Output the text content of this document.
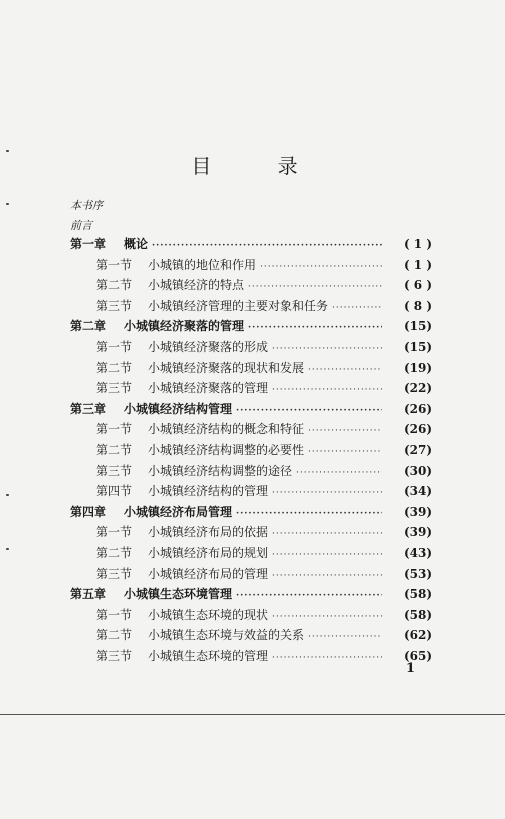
目 录
本书序
前言
第一章	概论 ·····	( 1 )
第一节	小城镇的地位和作用 ·····	( 1 )
第二节	小城镇经济的特点 ·····	( 6 )
第三节	小城镇经济管理的主要对象和任务 ·····	( 8 )
第二章	小城镇经济聚落的管理 ·····	(15)
第一节	小城镇经济聚落的形成 ·····	(15)
第二节	小城镇经济聚落的现状和发展 ·····	(19)
第三节	小城镇经济聚落的管理 ·····	(22)
第三章	小城镇经济结构管理 ·····	(26)
第一节	小城镇经济结构的概念和特征 ·····	(26)
第二节	小城镇经济结构调整的必要性 ·····	(27)
第三节	小城镇经济结构调整的途径 ·····	(30)
第四节	小城镇经济结构的管理 ·····	(34)
第四章	小城镇经济布局管理 ·····	(39)
第一节	小城镇经济布局的依据 ·····	(39)
第二节	小城镇经济布局的规划 ·····	(43)
第三节	小城镇经济布局的管理 ·····	(53)
第五章	小城镇生态环境管理 ·····	(58)
第一节	小城镇生态环境的现状 ·····	(58)
第二节	小城镇生态环境与效益的关系 ·····	(62)
第三节	小城镇生态环境的管理 ·····	(65)
1
